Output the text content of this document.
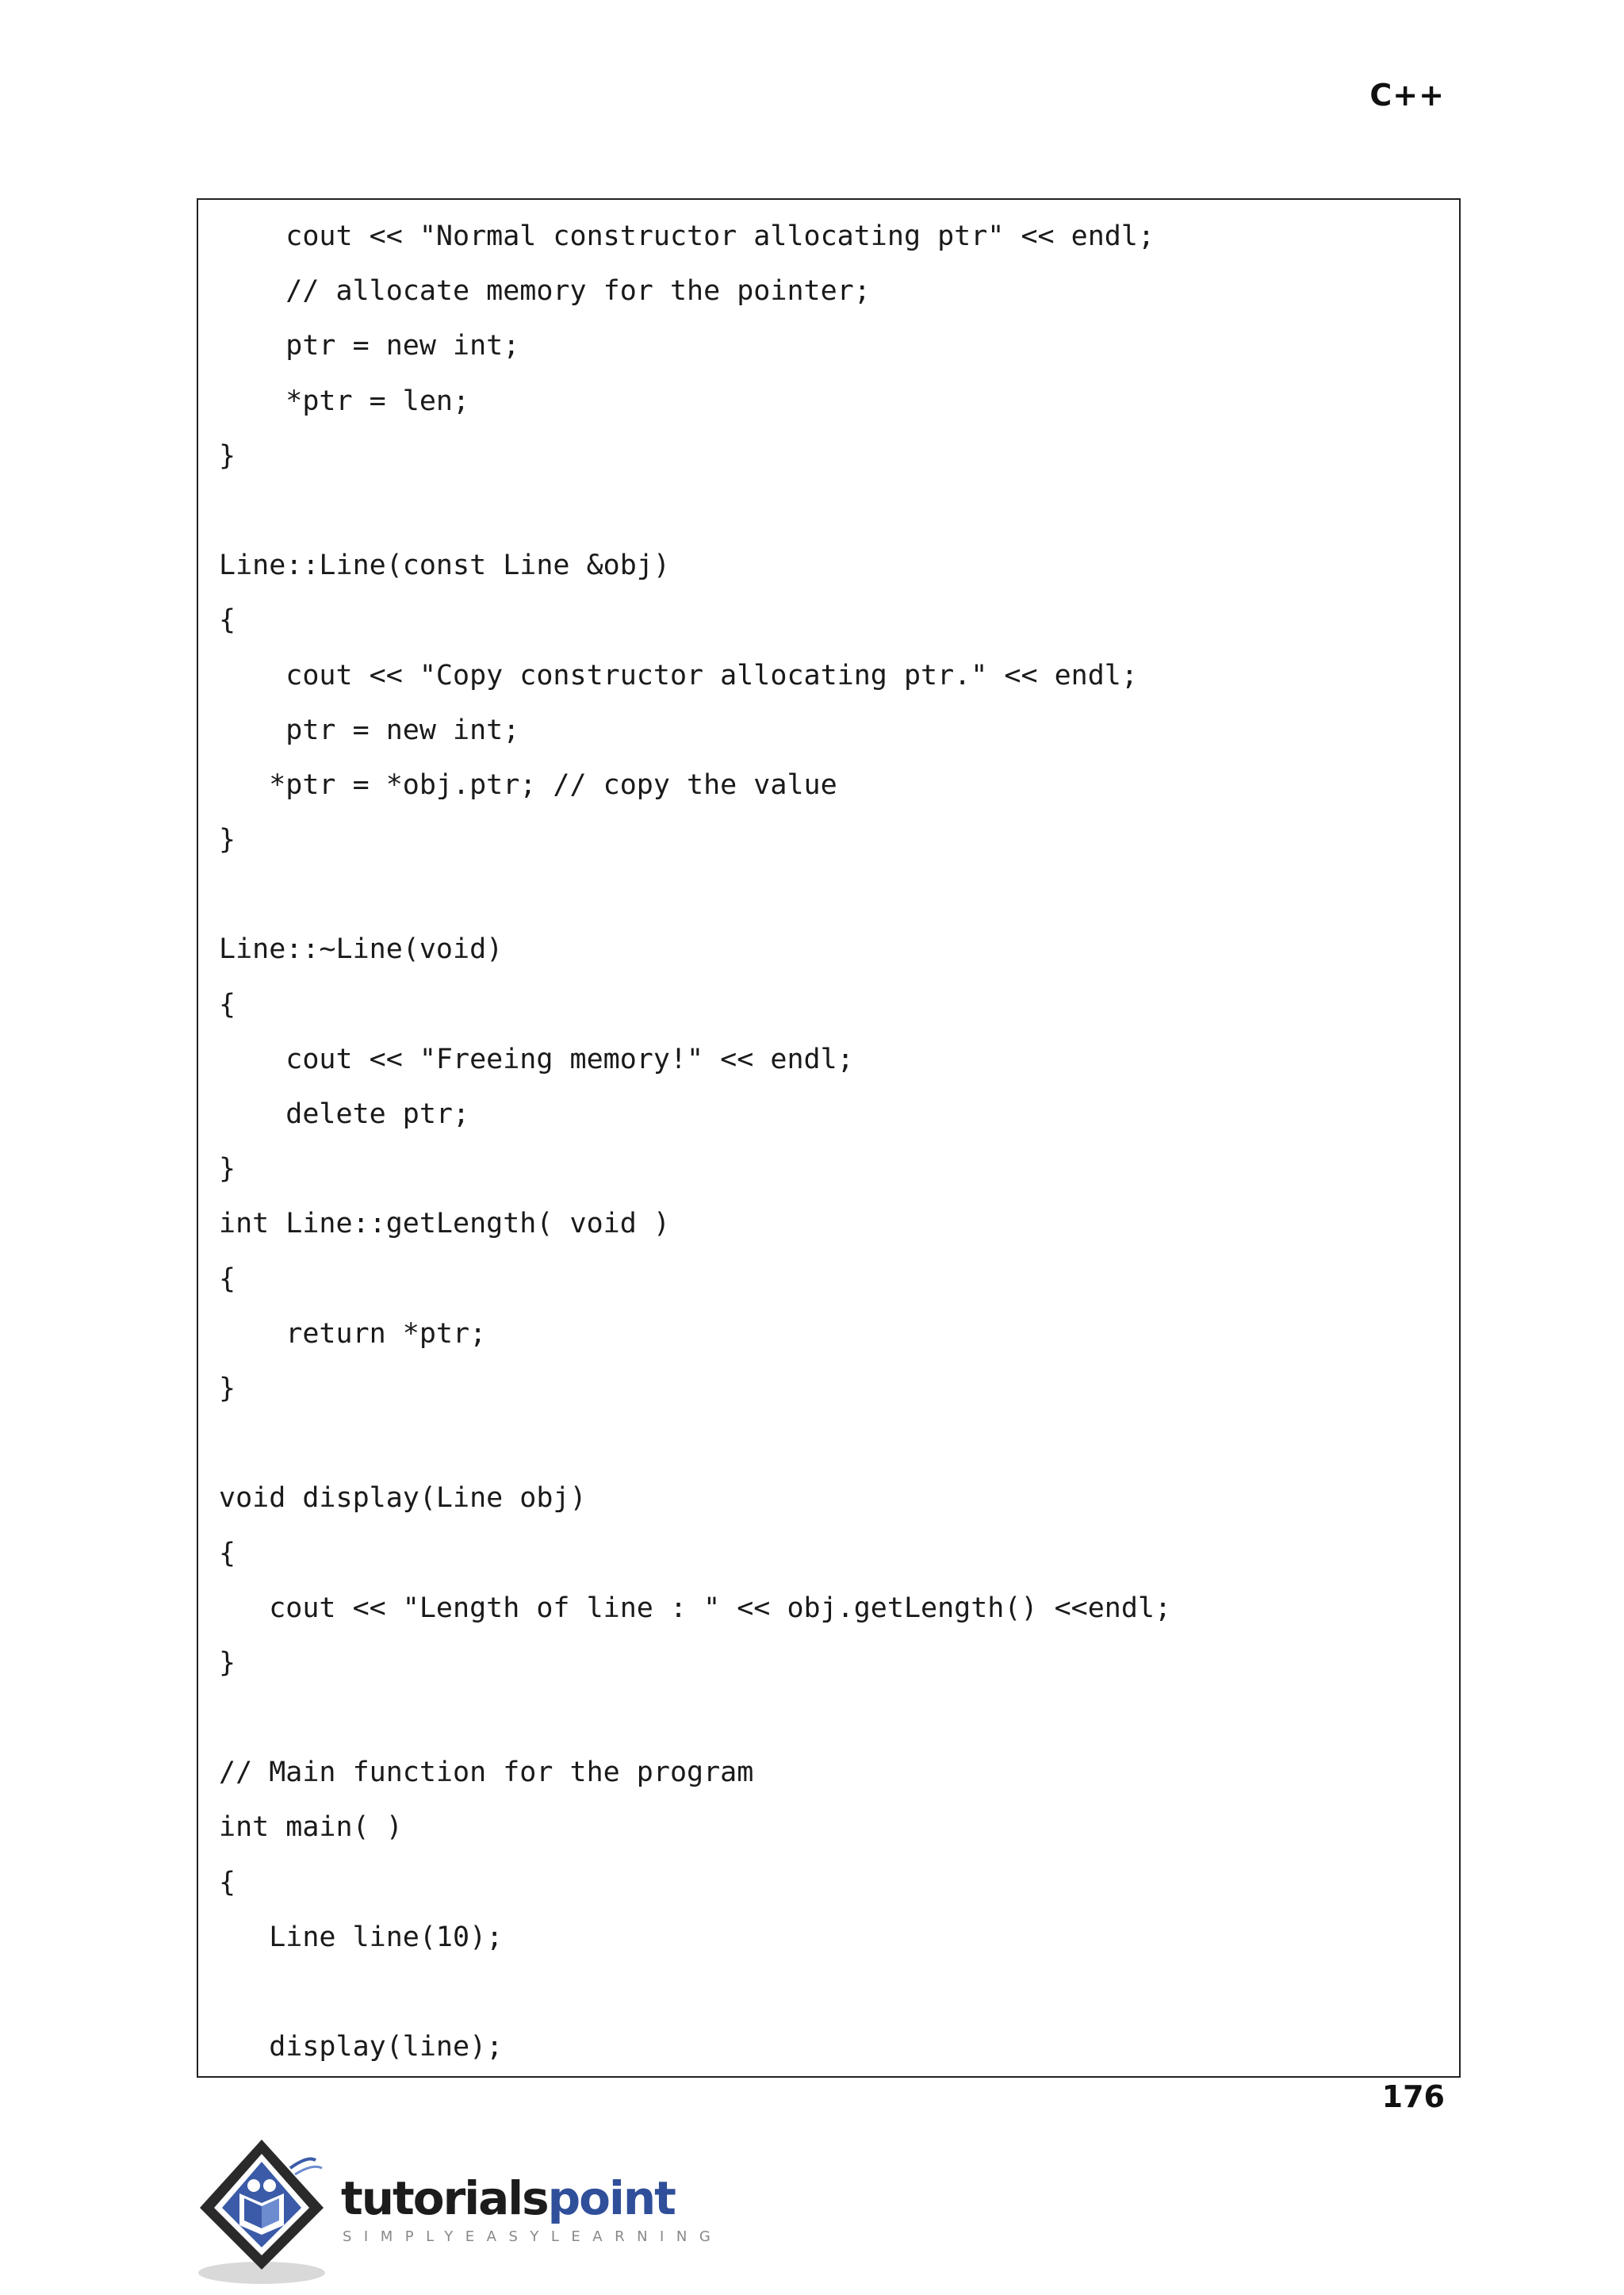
C++
cout << "Normal constructor allocating ptr" << endl;
// allocate memory for the pointer;
ptr = new int;
*ptr = len;
}
Line::Line(const Line &obj)
{
cout << "Copy constructor allocating ptr." << endl;
ptr = new int;
*ptr = *obj.ptr; // copy the value
}
Line::~Line(void)
{
cout << "Freeing memory!" << endl;
delete ptr;
}
int Line::getLength( void )
{
return *ptr;
}
void display(Line obj)
{
cout << "Length of line : " << obj.getLength() <<endl;
}
// Main function for the program
int main( )
{
Line line(10);
display(line);
176
tutorialspoint
SIMPLYEASYLEARNING
